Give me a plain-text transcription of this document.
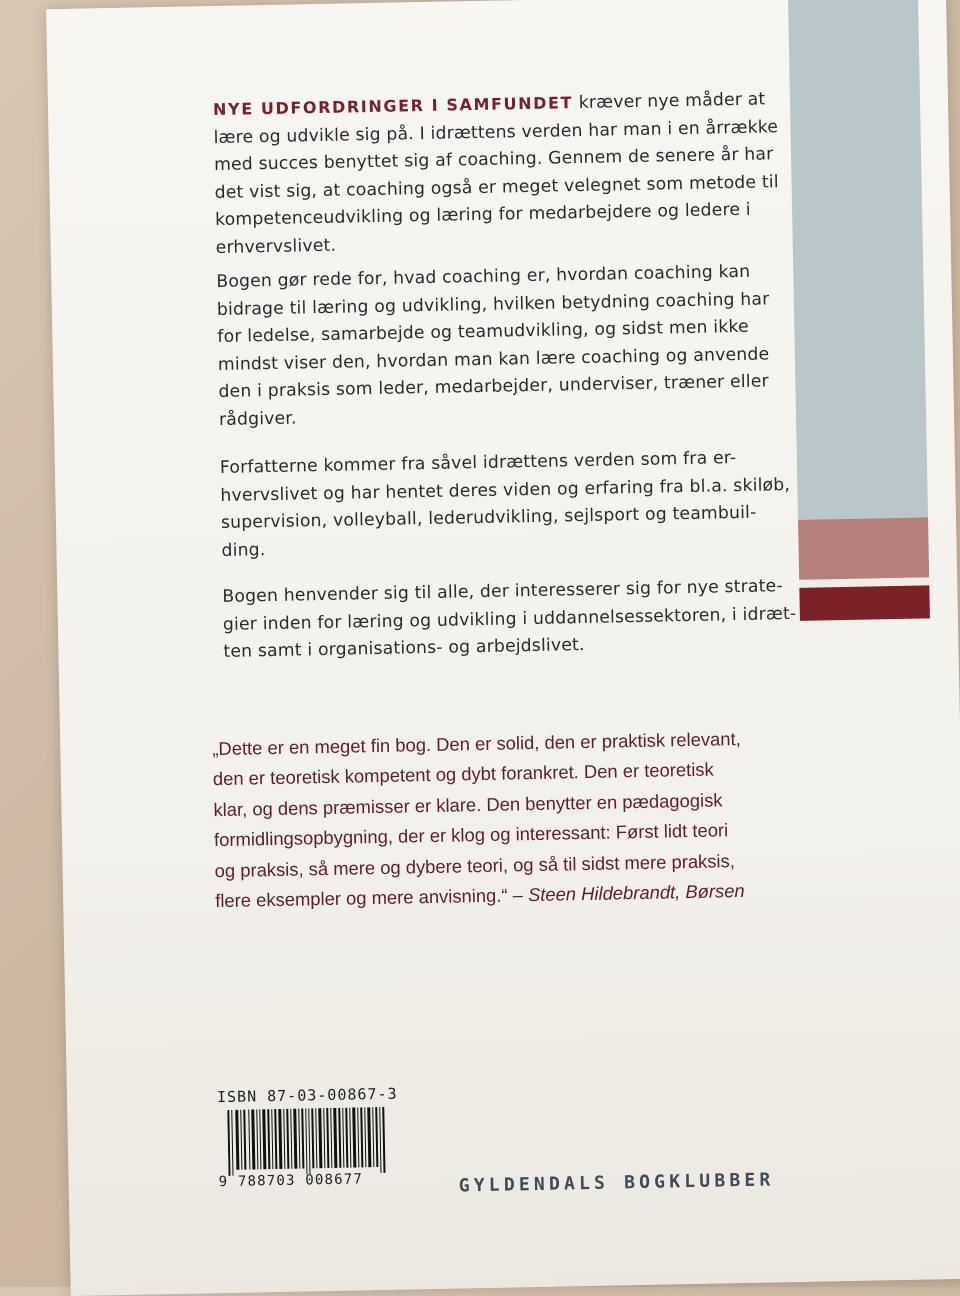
NYE UDFORDRINGER I SAMFUNDET kræver nye måder at
lære og udvikle sig på. I idrættens verden har man i en årrække
med succes benyttet sig af coaching. Gennem de senere år har
det vist sig, at coaching også er meget velegnet som metode til
kompetenceudvikling og læring for medarbejdere og ledere i
erhvervslivet.
Bogen gør rede for, hvad coaching er, hvordan coaching kan
bidrage til læring og udvikling, hvilken betydning coaching har
for ledelse, samarbejde og teamudvikling, og sidst men ikke
mindst viser den, hvordan man kan lære coaching og anvende
den i praksis som leder, medarbejder, underviser, træner eller
rådgiver.
Forfatterne kommer fra såvel idrættens verden som fra er-
hvervslivet og har hentet deres viden og erfaring fra bl.a. skiløb,
supervision, volleyball, lederudvikling, sejlsport og teambuil-
ding.
Bogen henvender sig til alle, der interesserer sig for nye strate-
gier inden for læring og udvikling i uddannelsessektoren, i idræt-
ten samt i organisations- og arbejdslivet.
„Dette er en meget fin bog. Den er solid, den er praktisk relevant,
den er teoretisk kompetent og dybt forankret. Den er teoretisk
klar, og dens præmisser er klare. Den benytter en pædagogisk
formidlingsopbygning, der er klog og interessant: Først lidt teori
og praksis, så mere og dybere teori, og så til sidst mere praksis,
flere eksempler og mere anvisning.“ – Steen Hildebrandt, Børsen
ISBN 87-03-00867-3
9 788703 008677	GYLDENDALS BOGKLUBBER
